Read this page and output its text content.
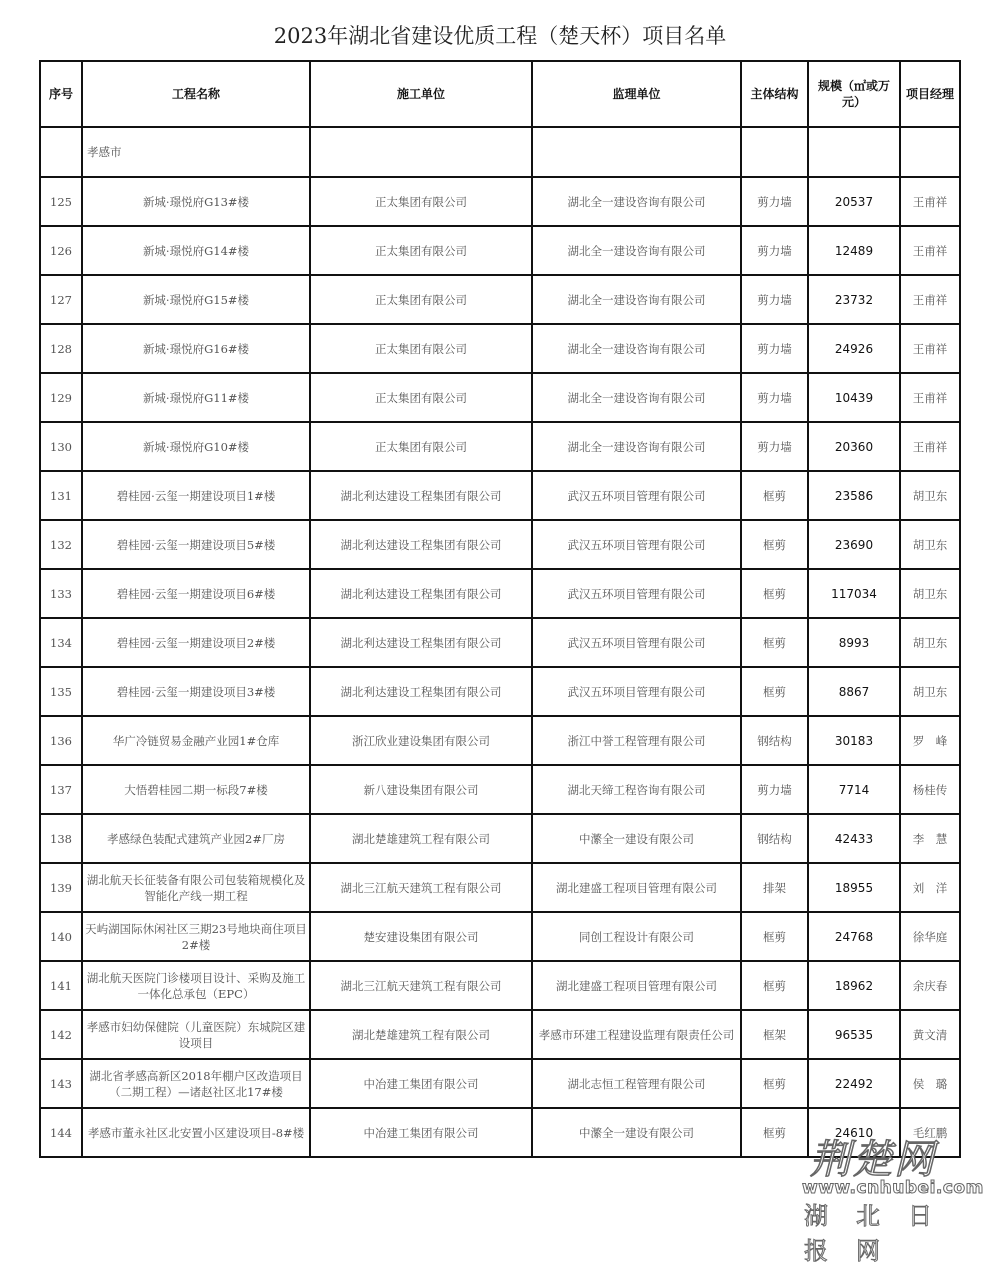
2023年湖北省建设优质工程（楚天杯）项目名单
序号	工程名称	施工单位	监理单位	主体结构	规模（㎡或万元）	项目经理
	孝感市					
125	新城·璟悦府G13#楼	正太集团有限公司	湖北全一建设咨询有限公司	剪力墙	20537	王甫祥
126	新城·璟悦府G14#楼	正太集团有限公司	湖北全一建设咨询有限公司	剪力墙	12489	王甫祥
127	新城·璟悦府G15#楼	正太集团有限公司	湖北全一建设咨询有限公司	剪力墙	23732	王甫祥
128	新城·璟悦府G16#楼	正太集团有限公司	湖北全一建设咨询有限公司	剪力墙	24926	王甫祥
129	新城·璟悦府G11#楼	正太集团有限公司	湖北全一建设咨询有限公司	剪力墙	10439	王甫祥
130	新城·璟悦府G10#楼	正太集团有限公司	湖北全一建设咨询有限公司	剪力墙	20360	王甫祥
131	碧桂园·云玺一期建设项目1#楼	湖北利达建设工程集团有限公司	武汉五环项目管理有限公司	框剪	23586	胡卫东
132	碧桂园·云玺一期建设项目5#楼	湖北利达建设工程集团有限公司	武汉五环项目管理有限公司	框剪	23690	胡卫东
133	碧桂园·云玺一期建设项目6#楼	湖北利达建设工程集团有限公司	武汉五环项目管理有限公司	框剪	117034	胡卫东
134	碧桂园·云玺一期建设项目2#楼	湖北利达建设工程集团有限公司	武汉五环项目管理有限公司	框剪	8993	胡卫东
135	碧桂园·云玺一期建设项目3#楼	湖北利达建设工程集团有限公司	武汉五环项目管理有限公司	框剪	8867	胡卫东
136	华广冷链贸易金融产业园1#仓库	浙江欣业建设集团有限公司	浙江中誉工程管理有限公司	钢结构	30183	罗　峰
137	大悟碧桂园二期一标段7#楼	新八建设集团有限公司	湖北天缔工程咨询有限公司	剪力墙	7714	杨桂传
138	孝感绿色装配式建筑产业园2#厂房	湖北楚雄建筑工程有限公司	中瀿全一建设有限公司	钢结构	42433	李　慧
139	湖北航天长征装备有限公司包装箱规模化及智能化产线一期工程	湖北三江航天建筑工程有限公司	湖北建盛工程项目管理有限公司	排架	18955	刘　洋
140	天屿湖国际休闲社区三期23号地块商住项目2#楼	楚安建设集团有限公司	同创工程设计有限公司	框剪	24768	徐华庭
141	湖北航天医院门诊楼项目设计、采购及施工一体化总承包（EPC）	湖北三江航天建筑工程有限公司	湖北建盛工程项目管理有限公司	框剪	18962	余庆春
142	孝感市妇幼保健院（儿童医院）东城院区建设项目	湖北楚雄建筑工程有限公司	孝感市环建工程建设监理有限责任公司	框架	96535	黄文清
143	湖北省孝感高新区2018年棚户区改造项目（二期工程）—诸赵社区北17#楼	中冶建工集团有限公司	湖北志恒工程管理有限公司	框剪	22492	侯　璐
144	孝感市董永社区北安置小区建设项目-8#楼	中冶建工集团有限公司	中瀿全一建设有限公司	框剪	24610	毛红鹏
荆楚网
www.cnhubei.com
湖北日报网
